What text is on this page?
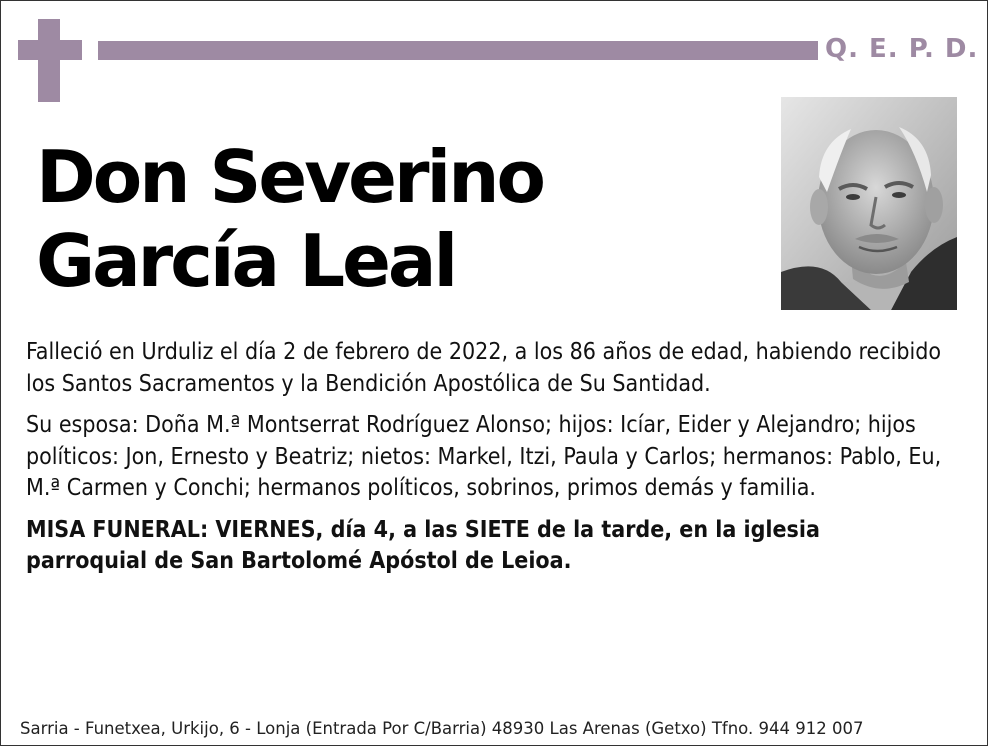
Q. E. P. D.
Don Severino
García Leal

Falleció en Urduliz el día 2 de febrero de 2022, a los 86 años de edad, habiendo recibido los Santos Sacramentos y la Bendición Apostólica de Su Santidad.

Su esposa: Doña M.ª Montserrat Rodríguez Alonso; hijos: Icíar, Eider y Alejandro; hijos políticos: Jon, Ernesto y Beatriz; nietos: Markel, Itzi, Paula y Carlos; hermanos: Pablo, Eu, M.ª Carmen y Conchi; hermanos políticos, sobrinos, primos demás y familia.

MISA FUNERAL: VIERNES, día 4, a las SIETE de la tarde, en la iglesia parroquial de San Bartolomé Apóstol de Leioa.

Sarria - Funetxea, Urkijo, 6 - Lonja (Entrada Por C/Barria) 48930 Las Arenas (Getxo) Tfno. 944 912 007
